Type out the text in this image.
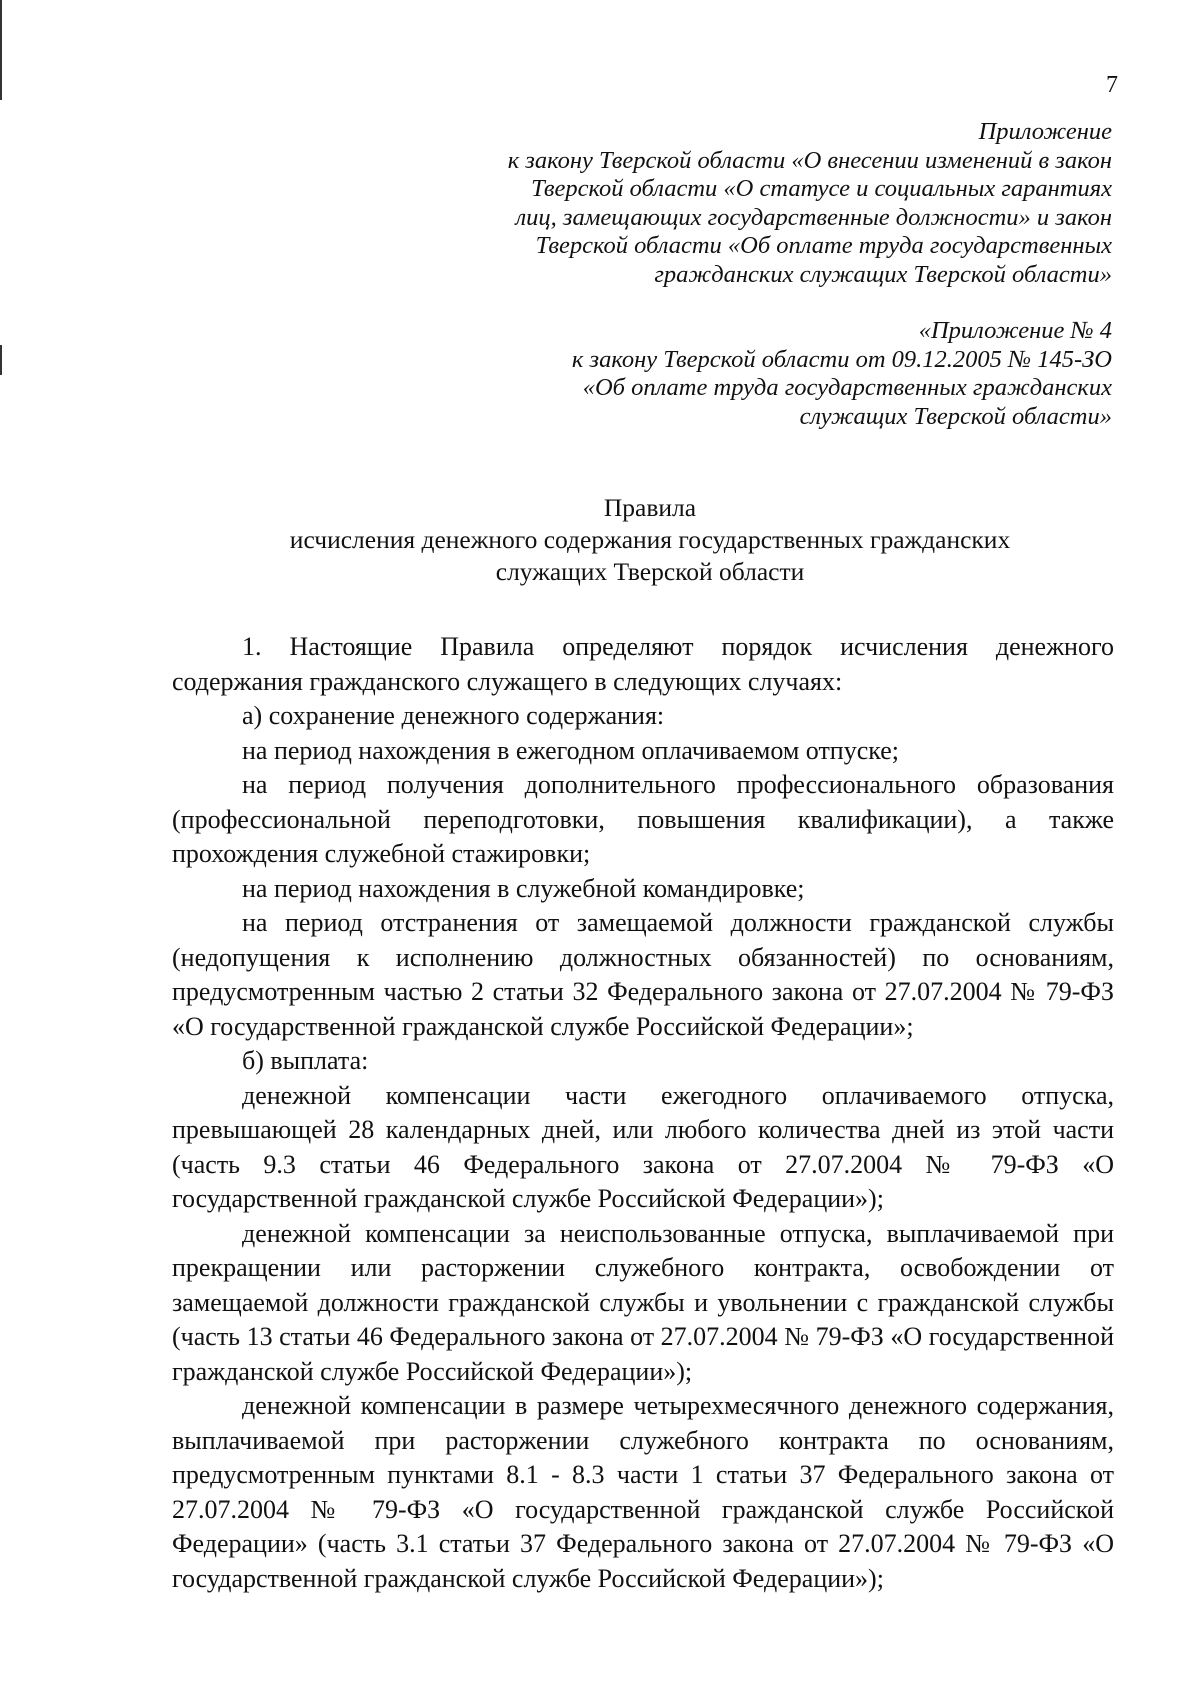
7
Приложение
к закону Тверской области «О внесении изменений в закон
Тверской области «О статусе и социальных гарантиях
лиц, замещающих государственные должности» и закон
Тверской области «Об оплате труда государственных
гражданских служащих Тверской области»
«Приложение № 4
к закону Тверской области от 09.12.2005 № 145-ЗО
«Об оплате труда государственных гражданских
служащих Тверской области»
Правила
исчисления денежного содержания государственных гражданских
служащих Тверской области

1. Настоящие Правила определяют порядок исчисления денежного содержания гражданского служащего в следующих случаях:

а) сохранение денежного содержания:

на период нахождения в ежегодном оплачиваемом отпуске;

на период получения дополнительного профессионального образования (профессиональной переподготовки, повышения квалификации), а также прохождения служебной стажировки;

на период нахождения в служебной командировке;

на период отстранения от замещаемой должности гражданской службы (недопущения к исполнению должностных обязанностей) по основаниям, предусмотренным частью 2 статьи 32 Федерального закона от 27.07.2004 № 79-ФЗ «О государственной гражданской службе Российской Федерации»;

б) выплата:

денежной компенсации части ежегодного оплачиваемого отпуска, превышающей 28 календарных дней, или любого количества дней из этой части (часть 9.3 статьи 46 Федерального закона от 27.07.2004 № 79-ФЗ «О государственной гражданской службе Российской Федерации»);

денежной компенсации за неиспользованные отпуска, выплачиваемой при прекращении или расторжении служебного контракта, освобождении от замещаемой должности гражданской службы и увольнении с гражданской службы (часть 13 статьи 46 Федерального закона от 27.07.2004 № 79-ФЗ «О государственной гражданской службе Российской Федерации»);

денежной компенсации в размере четырехмесячного денежного содержания, выплачиваемой при расторжении служебного контракта по основаниям, предусмотренным пунктами 8.1 - 8.3 части 1 статьи 37 Федерального закона от 27.07.2004 № 79-ФЗ «О государственной гражданской службе Российской Федерации» (часть 3.1 статьи 37 Федерального закона от 27.07.2004 № 79-ФЗ «О государственной гражданской службе Российской Федерации»);
